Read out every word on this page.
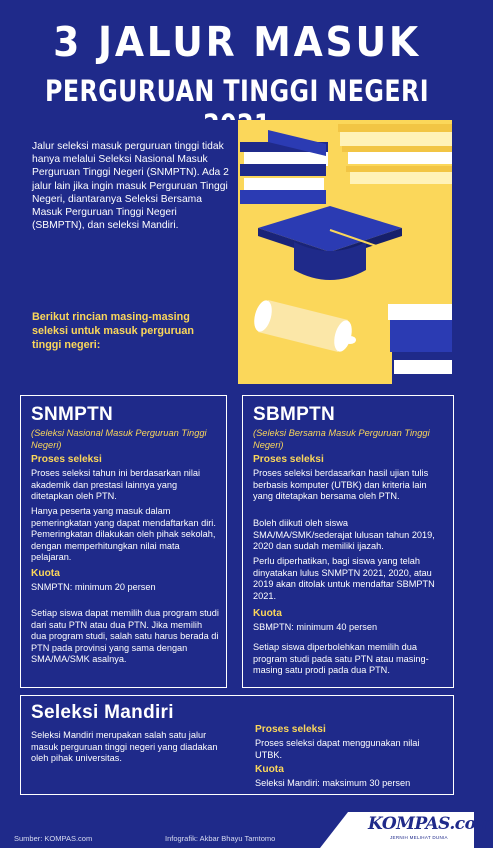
3 JALUR MASUK
PERGURUAN TINGGI NEGERI

Jalur seleksi masuk perguruan tinggi tidak hanya melalui Seleksi Nasional Masuk Perguruan Tinggi Negeri (SNMPTN). Ada 2 jalur lain jika ingin masuk Perguruan Tinggi Negeri, diantaranya Seleksi Bersama Masuk Perguruan Tinggi Negeri (SBMPTN), dan seleksi Mandiri.

Berikut rincian masing-masing seleksi untuk masuk perguruan tinggi negeri:

SNMPTN
(Seleksi Nasional Masuk Perguruan Tinggi Negeri)
Proses seleksi

Proses seleksi tahun ini berdasarkan nilai akademik dan prestasi lainnya yang ditetapkan oleh PTN.

Hanya peserta yang masuk dalam pemeringkatan yang dapat mendaftarkan diri. Pemeringkatan dilakukan oleh pihak sekolah, dengan memperhitungkan nilai mata pelajaran.

Kuota

SNMPTN: minimum 20 persen

Setiap siswa dapat memilih dua program studi dari satu PTN atau dua PTN. Jika memilih dua program studi, salah satu harus berada di PTN pada provinsi yang sama dengan SMA/MA/SMK asalnya.

SBMPTN
(Seleksi Bersama Masuk Perguruan Tinggi Negeri)
Proses seleksi

Proses seleksi berdasarkan hasil ujian tulis berbasis komputer (UTBK) dan kriteria lain yang ditetapkan bersama oleh PTN.

Boleh diikuti oleh siswa SMA/MA/SMK/sederajat lulusan tahun 2019, 2020 dan sudah memiliki ijazah.

Perlu diperhatikan, bagi siswa yang telah dinyatakan lulus SNMPTN 2021, 2020, atau 2019 akan ditolak untuk mendaftar SBMPTN 2021.

Kuota

SBMPTN: minimum 40 persen

Setiap siswa diperbolehkan memilih dua program studi pada satu PTN atau masing-masing satu prodi pada dua PTN.

Seleksi Mandiri

Seleksi Mandiri merupakan salah satu jalur masuk perguruan tinggi negeri yang diadakan oleh pihak universitas.

Proses seleksi

Proses seleksi dapat menggunakan nilai UTBK.

Kuota

Seleksi Mandiri: maksimum 30 persen

Sumber: KOMPAS.com	Infografik: Akbar Bhayu Tamtomo
KOMPAS.com
JERNIH MELIHAT DUNIA
